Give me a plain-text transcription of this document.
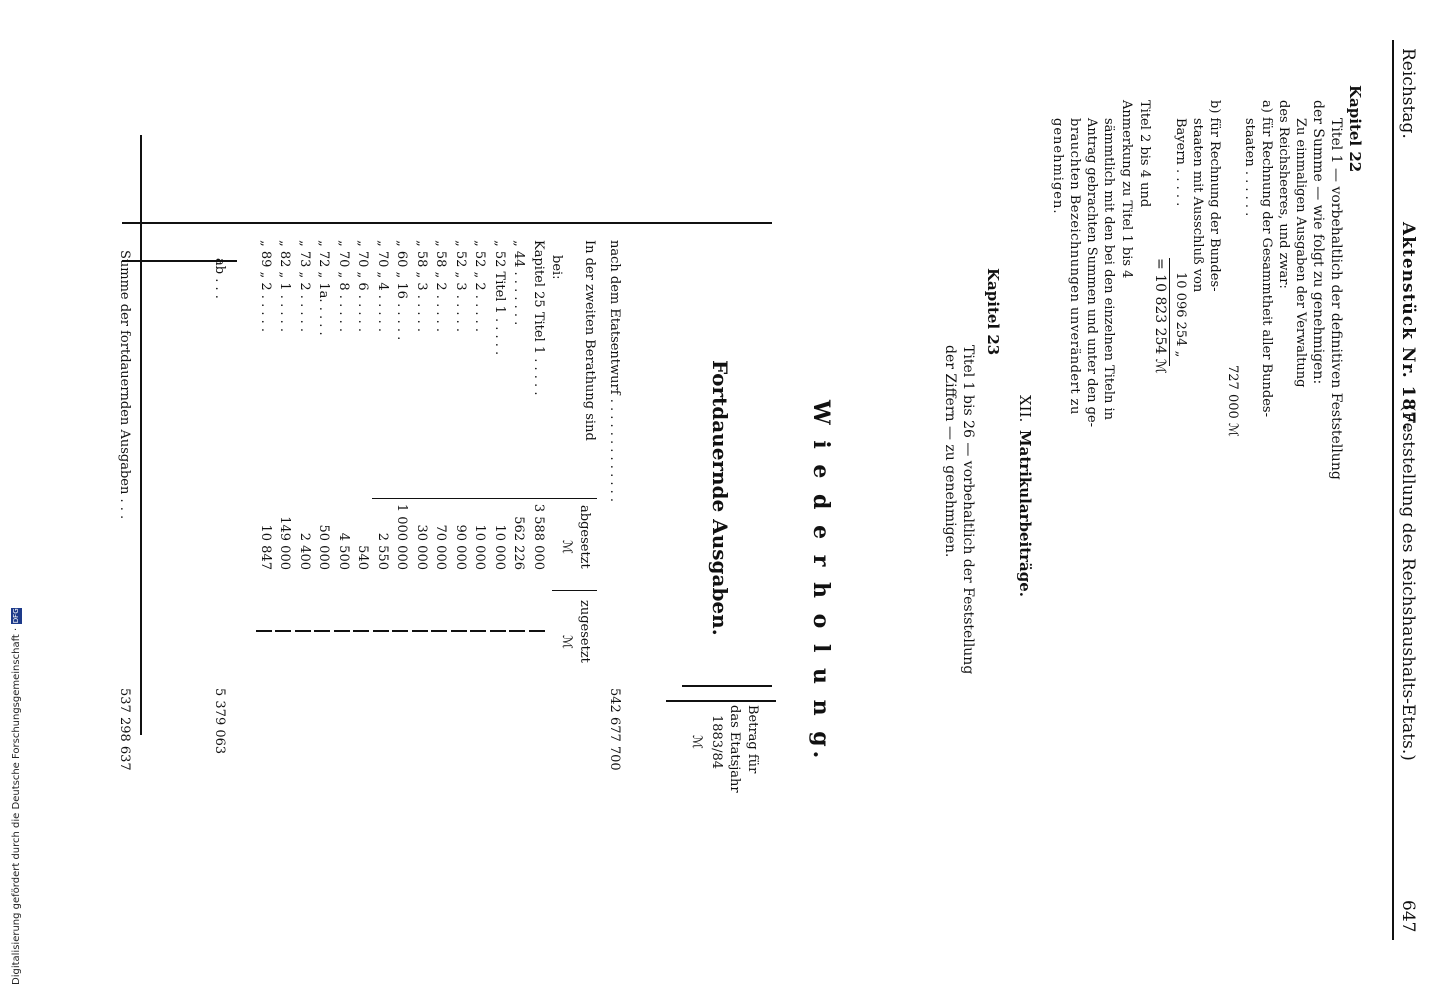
Reichstag.
Aktenstück Nr. 187.
(Feststellung des Reichshaushalts-Etats.)
647
Kapitel 22
Titel 1 — vorbehaltlich der definitiven Feststellung
der Summe — wie folgt zu genehmigen:
Zu einmaligen Ausgaben der Verwaltung
des Reichsheeres, und zwar:
a) für Rechnung der Gesammtheit aller Bundes-
staaten . . . . . .
727 000 ℳ
b) für Rechnung der Bundes-
staaten mit Ausschluß von
Bayern . . . . .
10 096 254 „
= 10 823 254 ℳ
Titel 2 bis 4 und
Anmerkung zu Titel 1 bis 4
sämmtlich mit den bei den einzelnen Titeln in
Antrag gebrachten Summen und unter den ge-
brauchten Bezeichnungen unverändert zu
genehmigen.
XII.
Matrikularbeiträge.
Kapitel 23
Titel 1 bis 26 — vorbehaltlich der Feststellung
der Ziffern — zu genehmigen.
W i e d e r h o l u n g.
Betrag für
das Etatsjahr
1883/84
ℳ
Fortdauernde Ausgaben.
nach dem Etatsentwurf . . . . . . . . . . . . .
542 677 700
In der zweiten Berathung sind
abgesetzt
zugesetzt
ℳ
ℳ
bei:
Kapitel 25 Titel 1 . . . . .
3 588 000
„ 44 . . . . . . .
562 226
„ 52 Titel 1 . . . . .
10 000
„ 52 „ 2 . . . . .
10 000
„ 52 „ 3 . . . . .
90 000
„ 58 „ 2 . . . . .
70 000
„ 58 „ 3 . . . . .
30 000
„ 60 „ 16 . . . . .
1 000 000
„ 70 „ 4 . . . . .
2 550
„ 70 „ 6 . . . . .
540
„ 70 „ 8 . . . . .
4 500
„ 72 „ 1a. . . . .
50 000
„ 73 „ 2 . . . . .
2 400
„ 82 „ 1 . . . . .
149 000
„ 89 „ 2 . . . . .
10 847
ab . . .
5 379 063
Summe der fortdauernden Ausgaben . . .
537 298 637
Digitalisierung gefördert durch die Deutsche Forschungsgemeinschaft ·DFG
